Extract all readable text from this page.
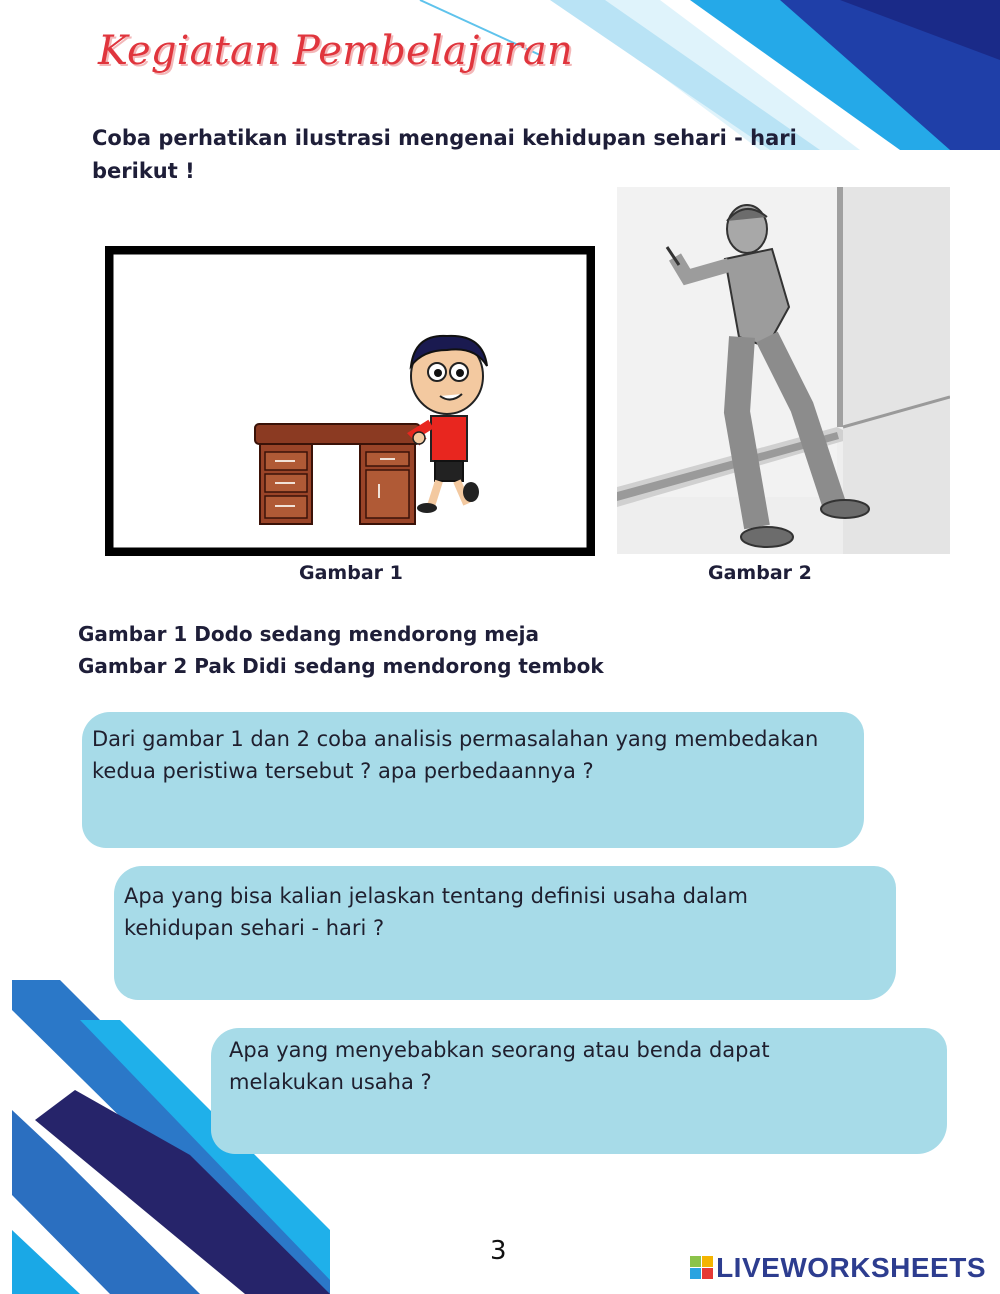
Kegiatan Pembelajaran
Coba perhatikan ilustrasi mengenai kehidupan sehari - hari berikut !
Gambar 1	Gambar 2
Gambar 1 Dodo sedang mendorong meja
Gambar 2 Pak Didi sedang mendorong tembok
Dari gambar 1 dan 2 coba analisis permasalahan yang membedakan kedua peristiwa tersebut ? apa perbedaannya ?
Apa yang bisa kalian jelaskan tentang definisi usaha dalam kehidupan sehari - hari ?
Apa yang menyebabkan seorang atau benda dapat melakukan usaha ?
3
LIVEWORKSHEETS
